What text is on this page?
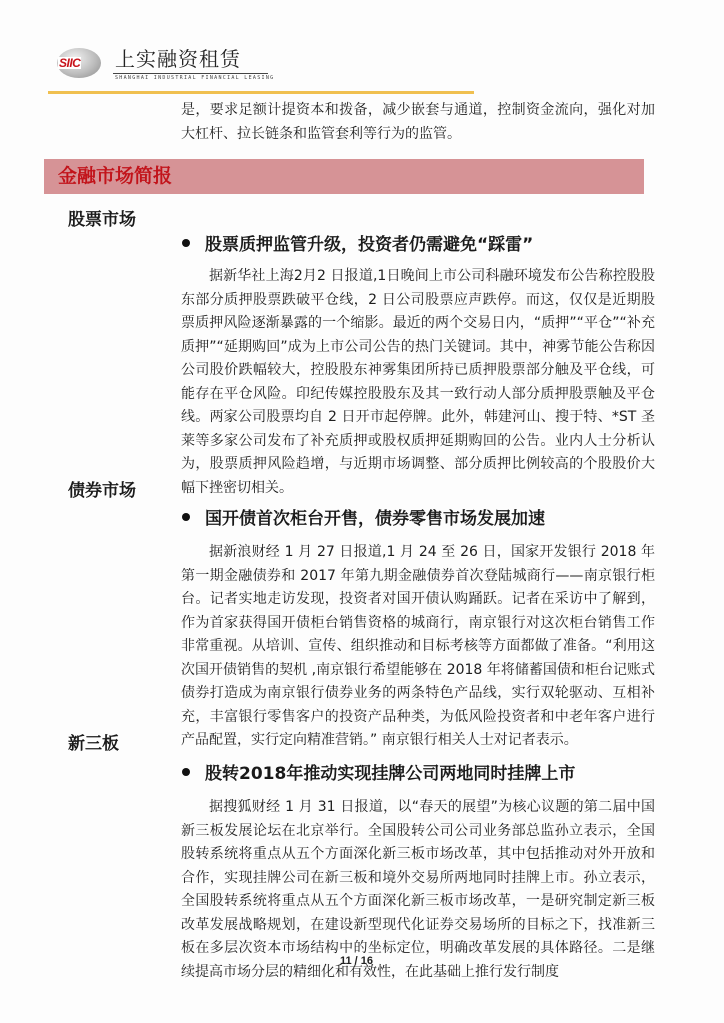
SIIC 上实融资租赁
SHANGHAI INDUSTRIAL FINANCIAL LEASING
是，要求足额计提资本和拨备，减少嵌套与通道，控制资金流向，强化对加大杠杆、拉长链条和监管套利等行为的监管。
金融市场简报
股票市场
股票质押监管升级，投资者仍需避免“踩雷”
据新华社上海2月2 日报道,1日晚间上市公司科融环境发布公告称控股股东部分质押股票跌破平仓线，2 日公司股票应声跌停。而这，仅仅是近期股票质押风险逐渐暴露的一个缩影。最近的两个交易日内，“质押”“平仓”“补充质押”“延期购回”成为上市公司公告的热门关键词。其中，神雾节能公告称因公司股价跌幅较大，控股股东神雾集团所持已质押股票部分触及平仓线，可能存在平仓风险。印纪传媒控股股东及其一致行动人部分质押股票触及平仓线。两家公司股票均自 2 日开市起停牌。此外，韩建河山、搜于特、*ST 圣莱等多家公司发布了补充质押或股权质押延期购回的公告。业内人士分析认为，股票质押风险趋增，与近期市场调整、部分质押比例较高的个股股价大幅下挫密切相关。
债券市场
国开债首次柜台开售，债券零售市场发展加速
据新浪财经 1 月 27 日报道,1 月 24 至 26 日，国家开发银行 2018 年第一期金融债券和 2017 年第九期金融债券首次登陆城商行——南京银行柜台。记者实地走访发现，投资者对国开债认购踊跃。记者在采访中了解到，作为首家获得国开债柜台销售资格的城商行，南京银行对这次柜台销售工作非常重视。从培训、宣传、组织推动和目标考核等方面都做了准备。“利用这次国开债销售的契机 ,南京银行希望能够在 2018 年将储蓄国债和柜台记账式债券打造成为南京银行债券业务的两条特色产品线，实行双轮驱动、互相补充，丰富银行零售客户的投资产品种类，为低风险投资者和中老年客户进行产品配置，实行定向精准营销。” 南京银行相关人士对记者表示。
新三板
股转2018年推动实现挂牌公司两地同时挂牌上市
据搜狐财经 1 月 31 日报道，以“春天的展望”为核心议题的第二届中国新三板发展论坛在北京举行。全国股转公司公司业务部总监孙立表示，全国股转系统将重点从五个方面深化新三板市场改革，其中包括推动对外开放和合作，实现挂牌公司在新三板和境外交易所两地同时挂牌上市。孙立表示，全国股转系统将重点从五个方面深化新三板市场改革，一是研究制定新三板改革发展战略规划，在建设新型现代化证券交易场所的目标之下，找准新三板在多层次资本市场结构中的坐标定位，明确改革发展的具体路径。二是继续提高市场分层的精细化和有效性，在此基础上推行发行制度
11 / 16
